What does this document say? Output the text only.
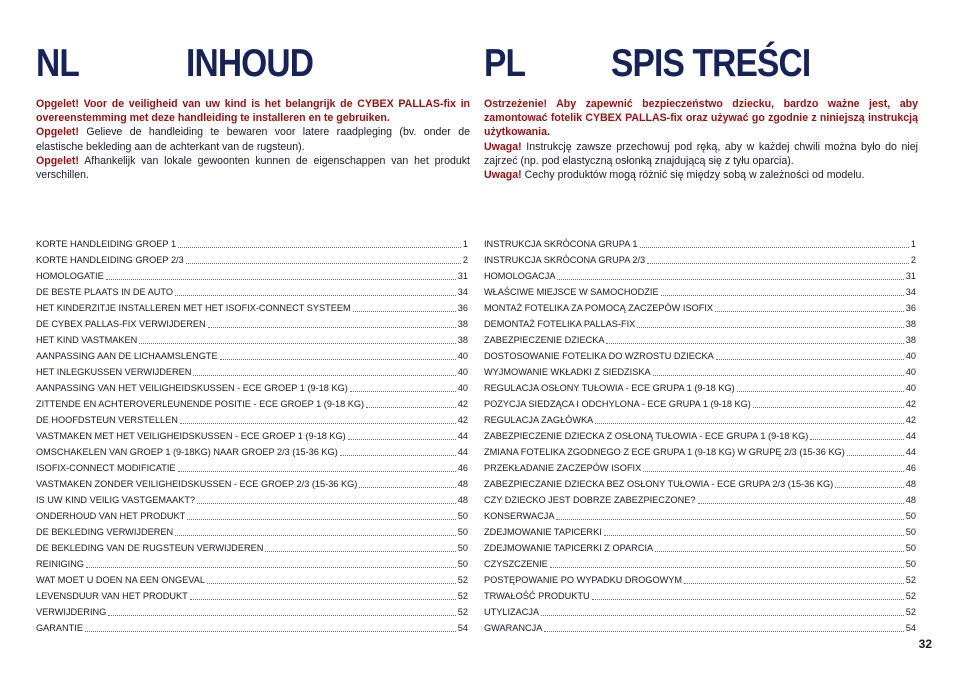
NL	INHOUD

Opgelet! Voor de veiligheid van uw kind is het belangrijk de CYBEX PALLAS-fix in overeenstemming met deze handleiding te installeren en te gebruiken.

Opgelet! Gelieve de handleiding te bewaren voor latere raadpleging (bv. onder de elastische bekleding aan de achterkant van de rugsteun).

Opgelet! Afhankelijk van lokale gewoonten kunnen de eigenschappen van het produkt verschillen.

KORTE HANDLEIDING GROEP 1	1
KORTE HANDLEIDING GROEP 2/3	2
HOMOLOGATIE	31
DE BESTE PLAATS IN DE AUTO	34
HET KINDERZITJE INSTALLEREN MET HET ISOFIX-CONNECT SYSTEEM	36
DE CYBEX PALLAS-FIX VERWIJDEREN	38
HET KIND VASTMAKEN	38
AANPASSING AAN DE LICHAAMSLENGTE	40
HET INLEGKUSSEN VERWIJDEREN	40
AANPASSING VAN HET VEILIGHEIDSKUSSEN - ECE GROEP 1 (9-18 KG)	40
ZITTENDE EN ACHTEROVERLEUNENDE POSITIE - ECE GROEP 1 (9-18 KG)	42
DE HOOFDSTEUN VERSTELLEN	42
VASTMAKEN MET HET VEILIGHEIDSKUSSEN - ECE GROEP 1 (9-18 KG)	44
OMSCHAKELEN VAN GROEP 1 (9-18KG) NAAR GROEP 2/3 (15-36 KG)	44
ISOFIX-CONNECT MODIFICATIE	46
VASTMAKEN ZONDER VEILIGHEIDSKUSSEN - ECE GROEP 2/3 (15-36 KG)	48
IS UW KIND VEILIG VASTGEMAAKT?	48
ONDERHOUD VAN HET PRODUKT	50
DE BEKLEDING VERWIJDEREN	50
DE BEKLEDING VAN DE RUGSTEUN VERWIJDEREN	50
REINIGING	50
WAT MOET U DOEN NA EEN ONGEVAL	52
LEVENSDUUR VAN HET PRODUKT	52
VERWIJDERING	52
GARANTIE	54
PL SPIS TREŚCI

Ostrzeżenie! Aby zapewnić bezpieczeństwo dziecku, bardzo ważne jest, aby zamontować fotelik CYBEX PALLAS-fix oraz używać go zgodnie z niniejszą instrukcją użytkowania.

Uwaga! Instrukcję zawsze przechowuj pod ręką, aby w każdej chwili można było do niej zajrzeć (np. pod elastyczną osłonką znajdującą się z tyłu oparcia).

Uwaga! Cechy produktów mogą różnić się między sobą w zależności od modelu.

INSTRUKCJA SKRÓCONA GRUPA 1	1
INSTRUKCJA SKRÓCONA GRUPA 2/3	2
HOMOLOGACJA	31
WŁAŚCIWE MIEJSCE W SAMOCHODZIE	34
MONTAŻ FOTELIKA ZA POMOCĄ ZACZEPÓW ISOFIX	36
DEMONTAŻ FOTELIKA PALLAS-FIX	38
ZABEZPIECZENIE DZIECKA	38
DOSTOSOWANIE FOTELIKA DO WZROSTU DZIECKA	40
WYJMOWANIE WKŁADKI Z SIEDZISKA	40
REGULACJA OSŁONY TUŁOWIA - ECE GRUPA 1 (9-18 KG)	40
POZYCJA SIEDZĄCA I ODCHYLONA - ECE GRUPA 1 (9-18 KG)	42
REGULACJA ZAGŁÓWKA	42
ZABEZPIECZENIE DZIECKA Z OSŁONĄ TUŁOWIA - ECE GRUPA 1 (9-18 KG)	44
ZMIANA FOTELIKA ZGODNEGO Z ECE GRUPA 1 (9-18 KG) W GRUPĘ 2/3 (15-36 KG)	44
PRZEKŁADANIE ZACZEPÓW ISOFIX	46
ZABEZPIECZANIE DZIECKA BEZ OSŁONY TUŁOWIA - ECE GRUPA 2/3 (15-36 KG)	48
CZY DZIECKO JEST DOBRZE ZABEZPIECZONE?	48
KONSERWACJA	50
ZDEJMOWANIE TAPICERKI	50
ZDEJMOWANIE TAPICERKI Z OPARCIA	50
CZYSZCZENIE	50
POSTĘPOWANIE PO WYPADKU DROGOWYM	52
TRWAŁOŚĆ PRODUKTU	52
UTYLIZACJA	52
GWARANCJA	54
32
